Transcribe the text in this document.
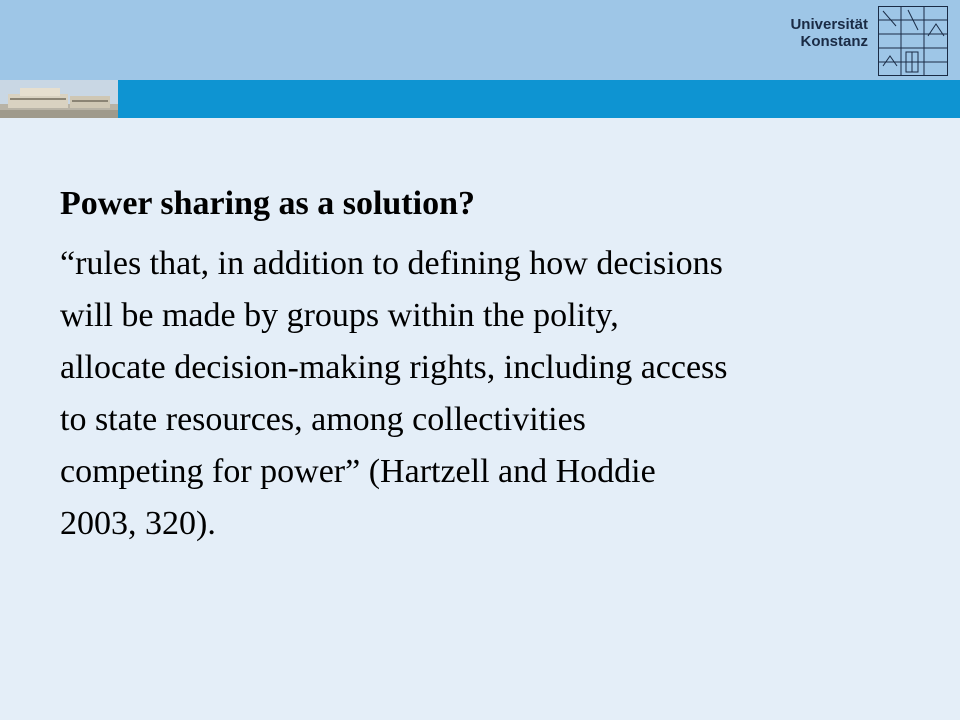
Universität
Konstanz

Power sharing as a solution?

“rules that, in addition to defining how decisions
will be made by groups within the polity,
allocate decision-making rights, including access
to state resources, among collectivities
competing for power” (Hartzell and Hoddie
2003, 320).
